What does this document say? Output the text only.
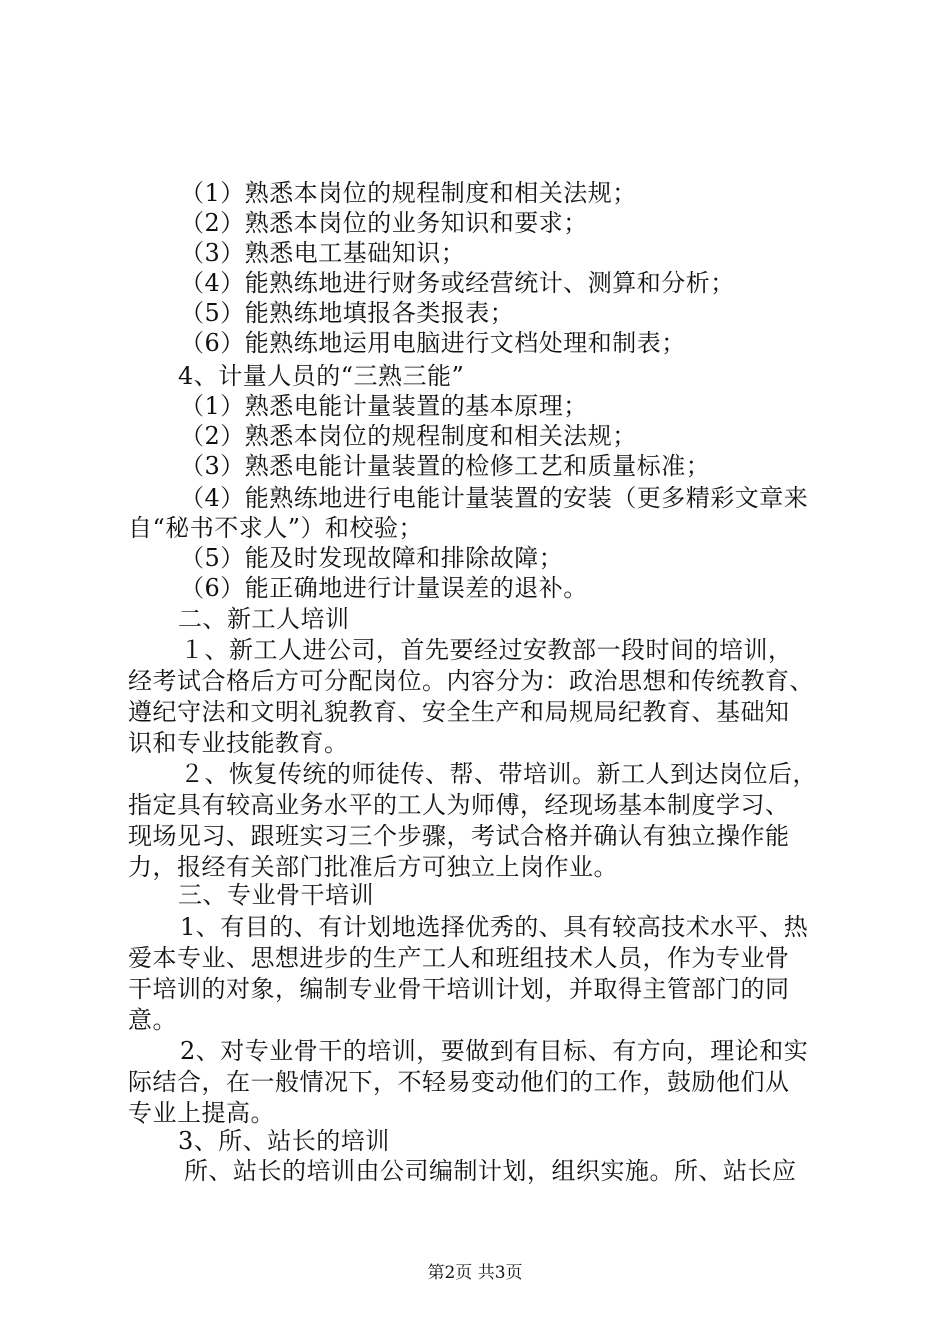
（1）熟悉本岗位的规程制度和相关法规；
（2）熟悉本岗位的业务知识和要求；
（3）熟悉电工基础知识；
（4）能熟练地进行财务或经营统计、测算和分析；
（5）能熟练地填报各类报表；
（6）能熟练地运用电脑进行文档处理和制表；
4、计量人员的“三熟三能”
（1）熟悉电能计量装置的基本原理；
（2）熟悉本岗位的规程制度和相关法规；
（3）熟悉电能计量装置的检修工艺和质量标准；
（4）能熟练地进行电能计量装置的安装（更多精彩文章来
自“秘书不求人”）和校验；
（5）能及时发现故障和排除故障；
（6）能正确地进行计量误差的退补。
二、新工人培训
１、新工人进公司，首先要经过安教部一段时间的培训，
经考试合格后方可分配岗位。内容分为：政治思想和传统教育、
遵纪守法和文明礼貌教育、安全生产和局规局纪教育、基础知
识和专业技能教育。
２、恢复传统的师徒传、帮、带培训。新工人到达岗位后，
指定具有较高业务水平的工人为师傅，经现场基本制度学习、
现场见习、跟班实习三个步骤，考试合格并确认有独立操作能
力，报经有关部门批准后方可独立上岗作业。
三、专业骨干培训
1、有目的、有计划地选择优秀的、具有较高技术水平、热
爱本专业、思想进步的生产工人和班组技术人员，作为专业骨
干培训的对象，编制专业骨干培训计划，并取得主管部门的同
意。
2、对专业骨干的培训，要做到有目标、有方向，理论和实
际结合，在一般情况下，不轻易变动他们的工作，鼓励他们从
专业上提高。
3、所、站长的培训
所、站长的培训由公司编制计划，组织实施。所、站长应
第2页 共3页
